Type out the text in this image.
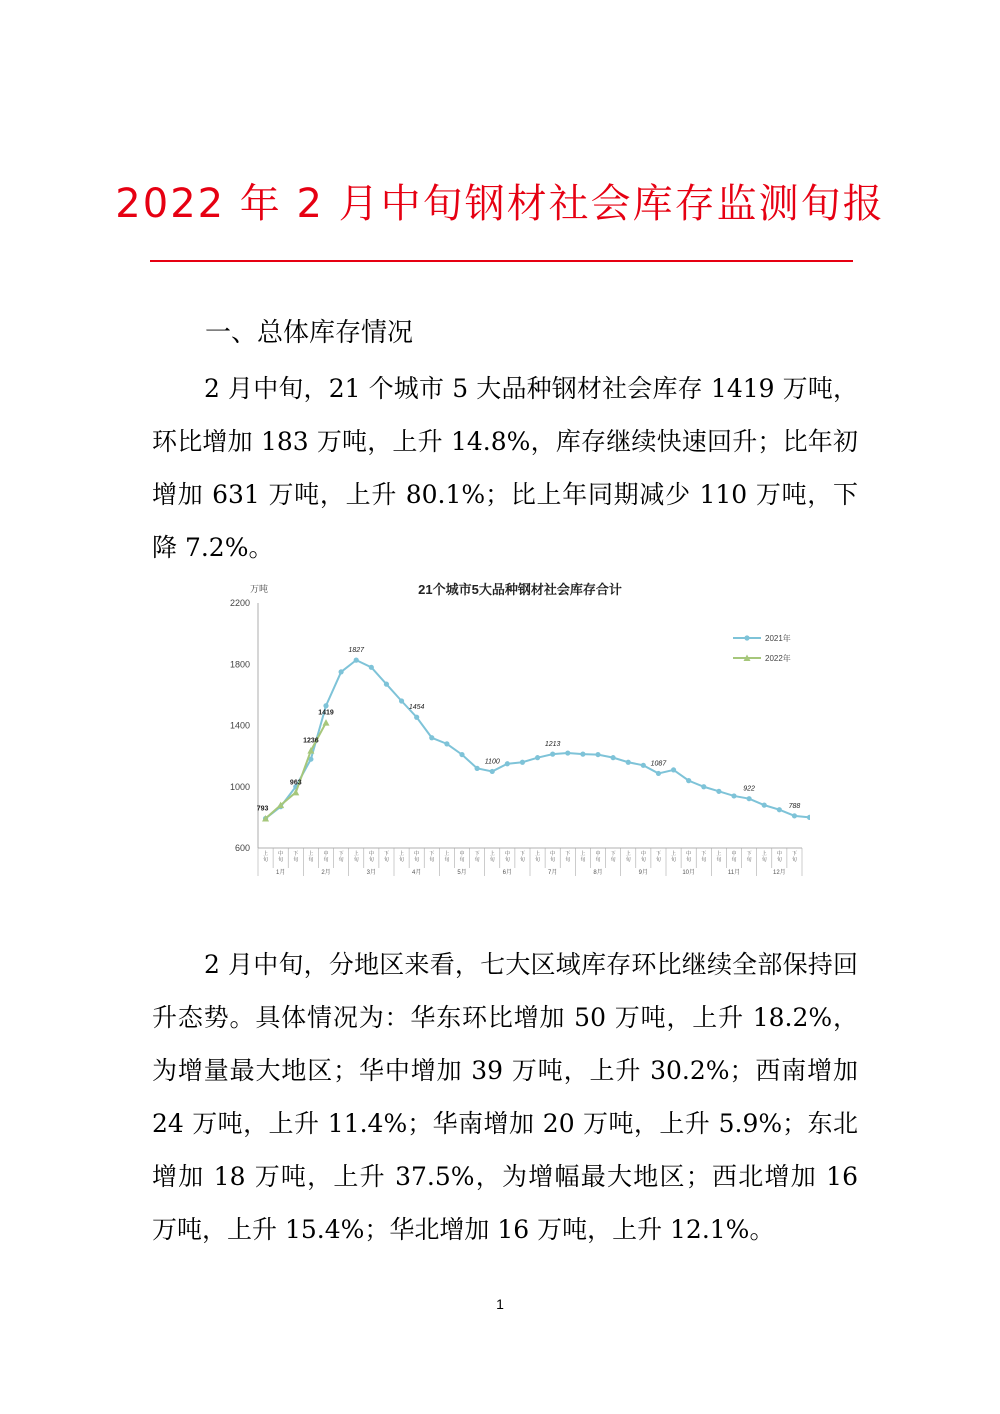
2022 年 2 月中旬钢材社会库存监测旬报
一、总体库存情况
2 月中旬，21 个城市 5 大品种钢材社会库存 1419 万吨，环比增加 183 万吨，上升 14.8%，库存继续快速回升；比年初增加 631 万吨，上升 80.1%；比上年同期减少 110 万吨，下降 7.2%。
21个城市5大品种钢材社会库存合计
万吨
600
1000
1400
1800
2200
上旬
中旬
下旬
上旬
中旬
下旬
上旬
中旬
下旬
上旬
中旬
下旬
上旬
中旬
下旬
上旬
中旬
下旬
上旬
中旬
下旬
上旬
中旬
下旬
上旬
中旬
下旬
上旬
中旬
下旬
上旬
中旬
下旬
上旬
中旬
下旬
1月	2月	3月	4月	5月	6月	7月	8月	9月	10月	11月	12月
1827
1454
1100
1213
1087
922
788
793
963
1236
1419
2021年
2022年
2 月中旬，分地区来看，七大区域库存环比继续全部保持回升态势。具体情况为：华东环比增加 50 万吨，上升 18.2%，为增量最大地区；华中增加 39 万吨，上升 30.2%；西南增加 24 万吨，上升 11.4%；华南增加 20 万吨，上升 5.9%；东北增加 18 万吨，上升 37.5%，为增幅最大地区；西北增加 16 万吨，上升 15.4%；华北增加 16 万吨，上升 12.1%。
1
